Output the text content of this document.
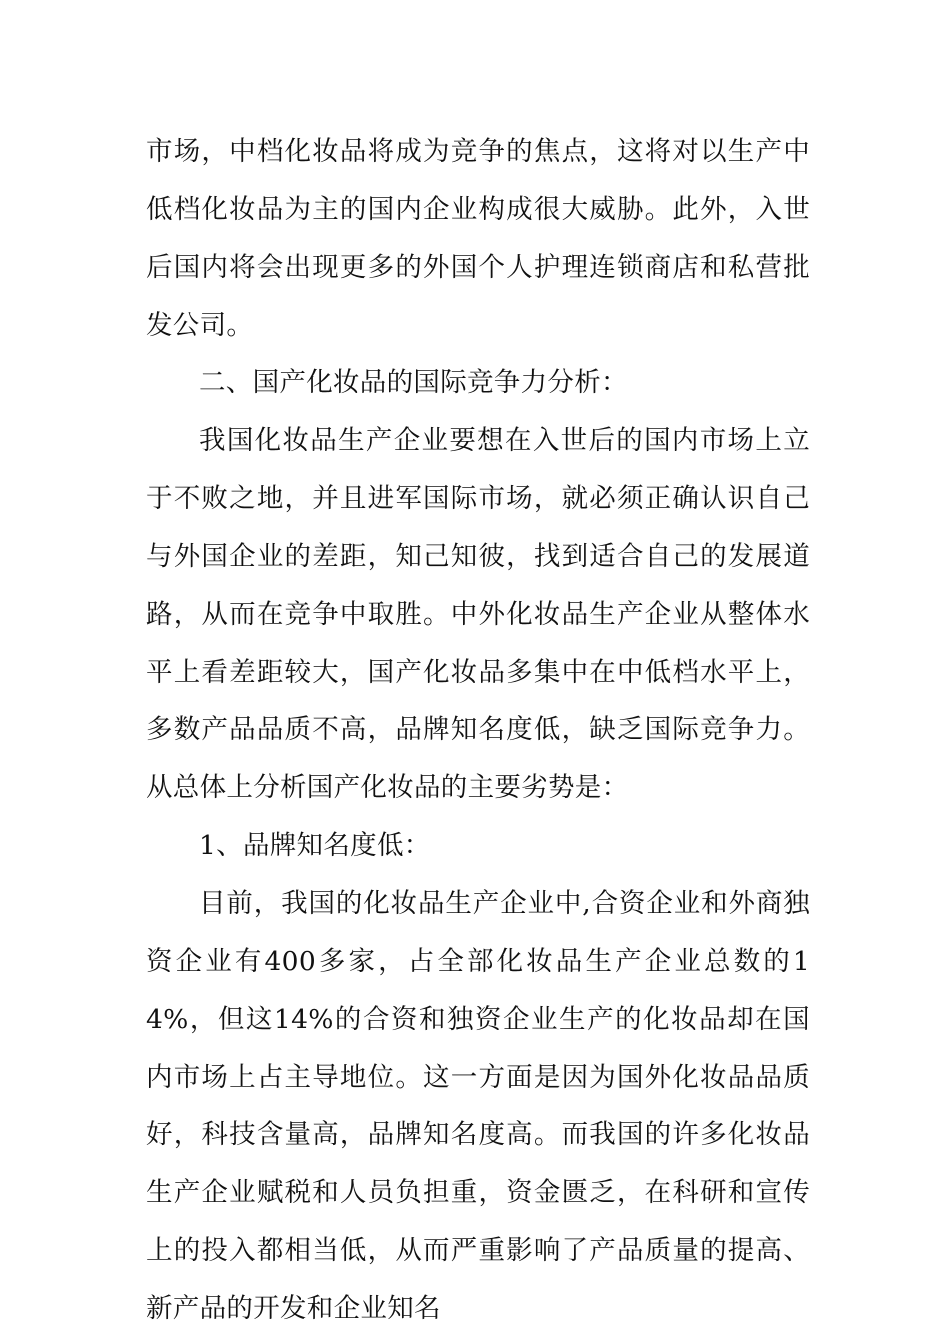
市场，中档化妆品将成为竞争的焦点，这将对以生产中低档化妆品为主的国内企业构成很大威胁。此外，入世后国内将会出现更多的外国个人护理连锁商店和私营批发公司。

二、国产化妆品的国际竞争力分析：

我国化妆品生产企业要想在入世后的国内市场上立于不败之地，并且进军国际市场，就必须正确认识自己与外国企业的差距，知己知彼，找到适合自己的发展道路，从而在竞争中取胜。中外化妆品生产企业从整体水平上看差距较大，国产化妆品多集中在中低档水平上，多数产品品质不高，品牌知名度低，缺乏国际竞争力。从总体上分析国产化妆品的主要劣势是：

1、品牌知名度低：

目前，我国的化妆品生产企业中,合资企业和外商独资企业有400多家，占全部化妆品生产企业总数的14%，但这14%的合资和独资企业生产的化妆品却在国内市场上占主导地位。这一方面是因为国外化妆品品质好，科技含量高，品牌知名度高。而我国的许多化妆品生产企业赋税和人员负担重，资金匮乏，在科研和宣传上的投入都相当低，从而严重影响了产品质量的提高、新产品的开发和企业知名
